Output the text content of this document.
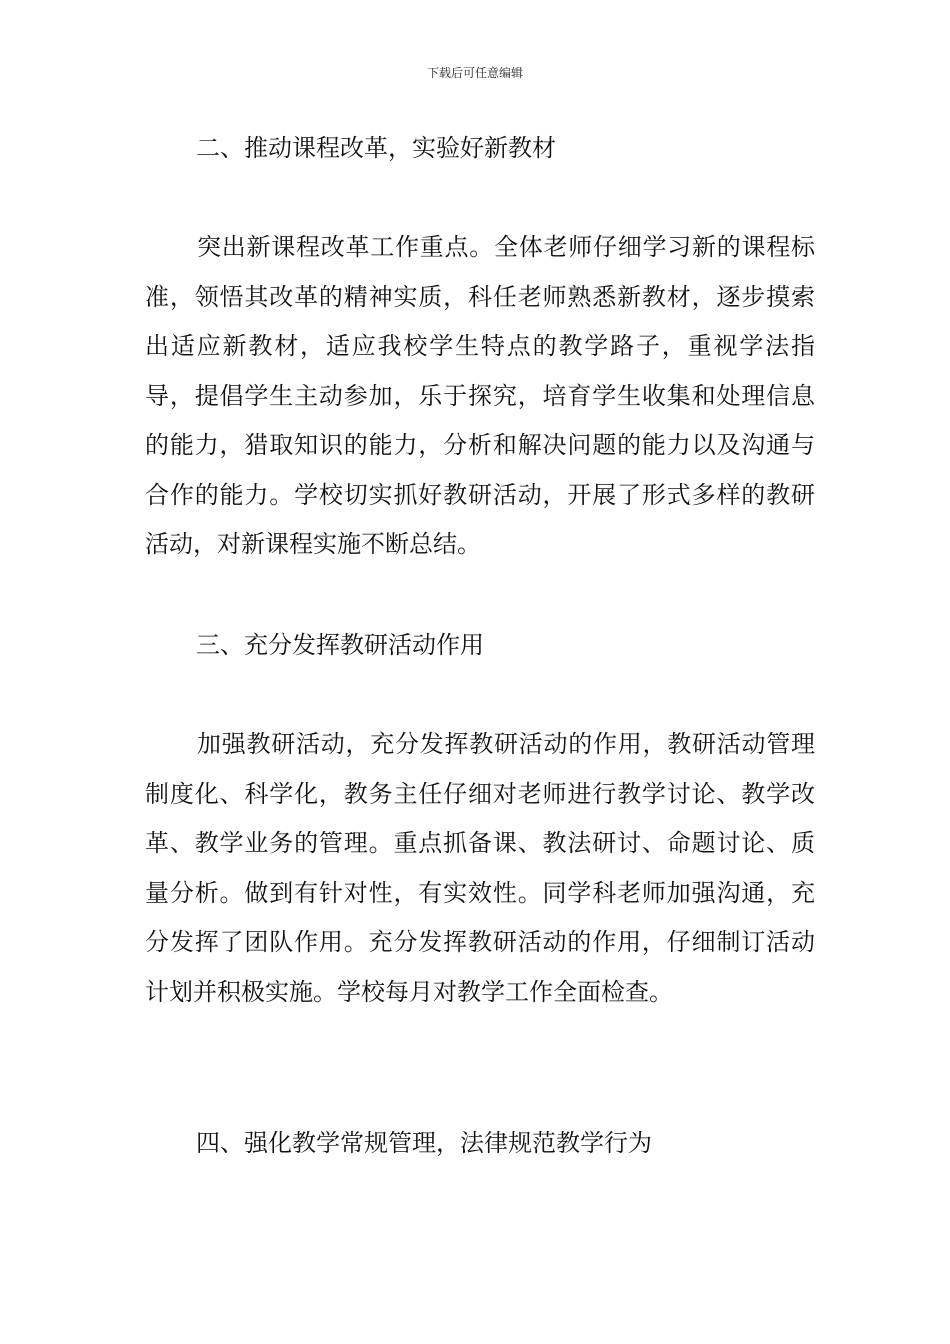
下载后可任意编辑
二、推动课程改革，实验好新教材

突出新课程改革工作重点。全体老师仔细学习新的课程标准，领悟其改革的精神实质，科任老师熟悉新教材，逐步摸索出适应新教材，适应我校学生特点的教学路子，重视学法指导，提倡学生主动参加，乐于探究，培育学生收集和处理信息的能力，猎取知识的能力，分析和解决问题的能力以及沟通与合作的能力。学校切实抓好教研活动，开展了形式多样的教研活动，对新课程实施不断总结。

三、充分发挥教研活动作用

加强教研活动，充分发挥教研活动的作用，教研活动管理制度化、科学化，教务主任仔细对老师进行教学讨论、教学改革、教学业务的管理。重点抓备课、教法研讨、命题讨论、质量分析。做到有针对性，有实效性。同学科老师加强沟通，充分发挥了团队作用。充分发挥教研活动的作用，仔细制订活动计划并积极实施。学校每月对教学工作全面检查。

四、强化教学常规管理，法律规范教学行为
